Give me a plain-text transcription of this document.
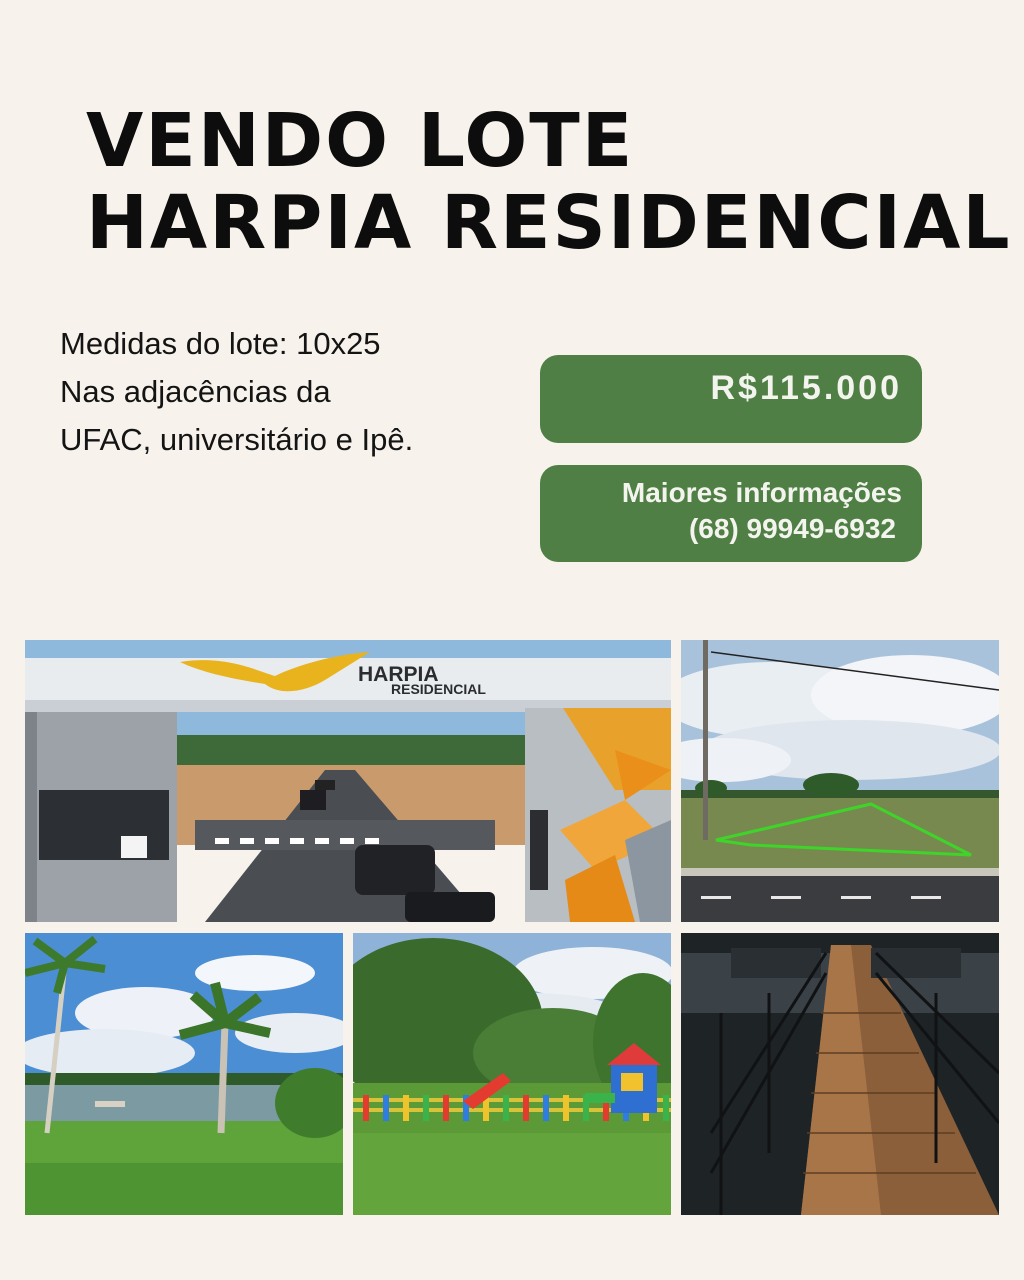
VENDO LOTE
HARPIA RESIDENCIAL
Medidas do lote: 10x25
Nas adjacências da
UFAC, universitário e Ipê.
R$115.000
Maiores informações

(68) 99949-6932
HARPIA
RESIDENCIAL
